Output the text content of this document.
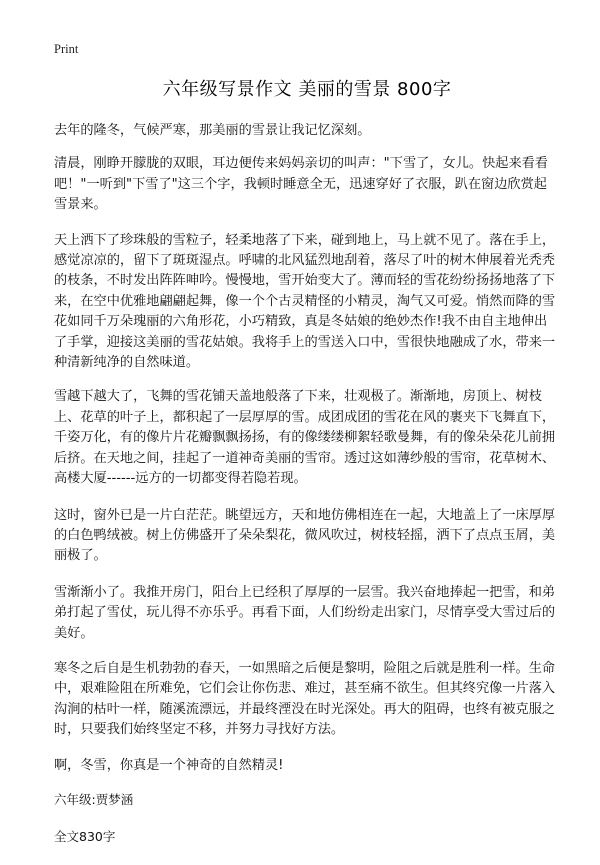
Print
六年级写景作文 美丽的雪景 800字

去年的隆冬，气候严寒，那美丽的雪景让我记忆深刻。

清晨，刚睁开朦胧的双眼，耳边便传来妈妈亲切的叫声："下雪了，女儿。快起来看看吧！"一听到"下雪了"这三个字，我顿时睡意全无，迅速穿好了衣服，趴在窗边欣赏起雪景来。

天上洒下了珍珠般的雪粒子，轻柔地落了下来，碰到地上，马上就不见了。落在手上，感觉凉凉的，留下了斑斑湿点。呼啸的北风猛烈地刮着，落尽了叶的树木伸展着光秃秃的枝条，不时发出阵阵呻吟。慢慢地，雪开始变大了。薄而轻的雪花纷纷扬扬地落了下来，在空中优雅地翩翩起舞，像一个个古灵精怪的小精灵，淘气又可爱。悄然而降的雪花如同千万朵瑰丽的六角形花，小巧精致，真是冬姑娘的绝妙杰作!我不由自主地伸出了手掌，迎接这美丽的雪花姑娘。我将手上的雪送入口中，雪很快地融成了水，带来一种清新纯净的自然味道。

雪越下越大了，飞舞的雪花铺天盖地般落了下来，壮观极了。渐渐地，房顶上、树枝上、花草的叶子上，都积起了一层厚厚的雪。成团成团的雪花在风的裹夹下飞舞直下，千姿万化，有的像片片花瓣飘飘扬扬，有的像缕缕柳絮轻歌曼舞，有的像朵朵花儿前拥后挤。在天地之间，挂起了一道神奇美丽的雪帘。透过这如薄纱般的雪帘，花草树木、高楼大厦------远方的一切都变得若隐若现。

这时，窗外已是一片白茫茫。眺望远方，天和地仿佛相连在一起，大地盖上了一床厚厚的白色鸭绒被。树上仿佛盛开了朵朵梨花，微风吹过，树枝轻摇，洒下了点点玉屑，美丽极了。

雪渐渐小了。我推开房门，阳台上已经积了厚厚的一层雪。我兴奋地捧起一把雪，和弟弟打起了雪仗，玩儿得不亦乐乎。再看下面，人们纷纷走出家门，尽情享受大雪过后的美好。

寒冬之后自是生机勃勃的春天，一如黑暗之后便是黎明，险阻之后就是胜利一样。生命中，艰难险阻在所难免，它们会让你伤悲、难过，甚至痛不欲生。但其终究像一片落入沟涧的枯叶一样，随溪流漂远，并最终湮没在时光深处。再大的阻碍，也终有被克服之时，只要我们始终坚定不移，并努力寻找好方法。

啊，冬雪，你真是一个神奇的自然精灵!

六年级:贾梦涵

全文830字
